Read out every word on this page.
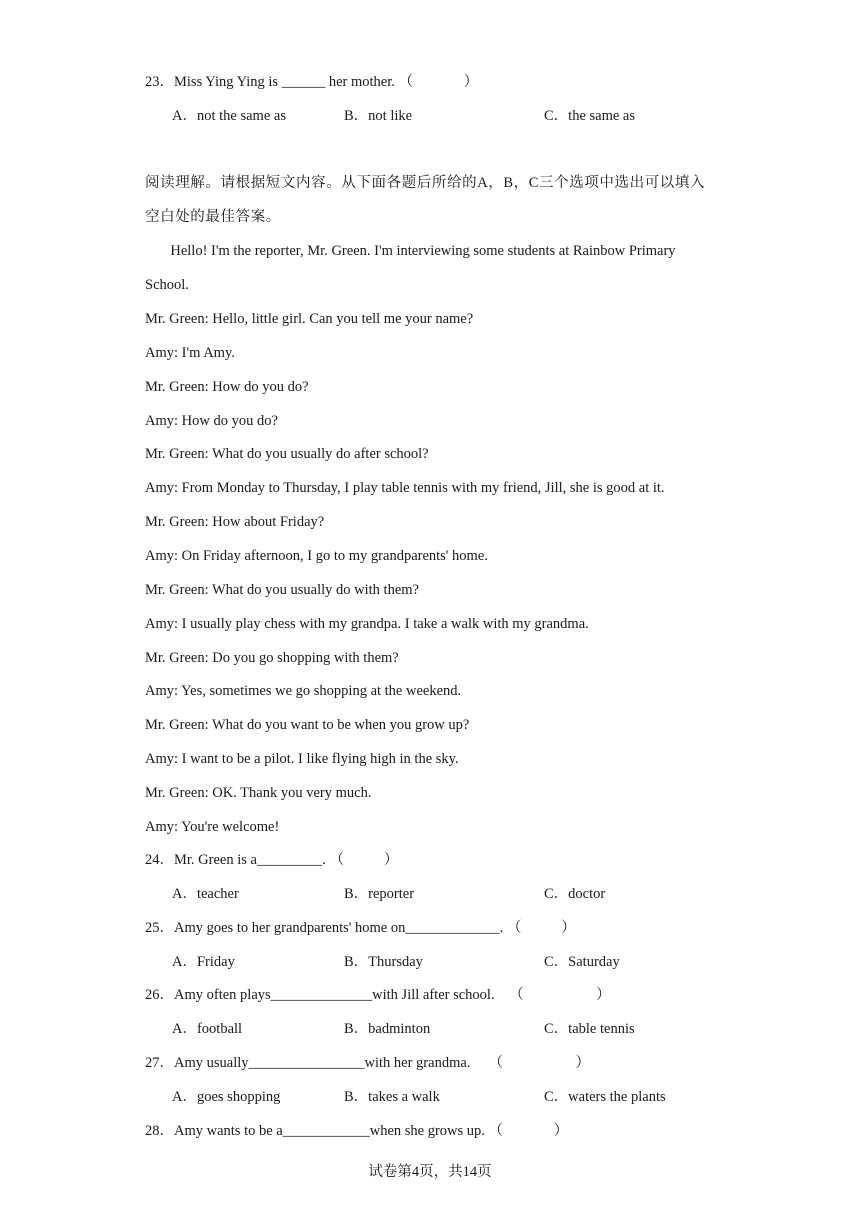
23．Miss Ying Ying is ______ her mother. （              ）
A．not the same as	B．not like	C．the same as
阅读理解。请根据短文内容。从下面各题后所给的A，B，C三个选项中选出可以填入
空白处的最佳答案。
Hello! I'm the reporter, Mr. Green. I'm interviewing some students at Rainbow Primary
School.
Mr. Green: Hello, little girl. Can you tell me your name?
Amy: I'm Amy.
Mr. Green: How do you do?
Amy: How do you do?
Mr. Green: What do you usually do after school?
Amy: From Monday to Thursday, I play table tennis with my friend, Jill, she is good at it.
Mr. Green: How about Friday?
Amy: On Friday afternoon, I go to my grandparents' home.
Mr. Green: What do you usually do with them?
Amy: I usually play chess with my grandpa. I take a walk with my grandma.
Mr. Green: Do you go shopping with them?
Amy: Yes, sometimes we go shopping at the weekend.
Mr. Green: What do you want to be when you grow up?
Amy: I want to be a pilot. I like flying high in the sky.
Mr. Green: OK. Thank you very much.
Amy: You're welcome!
24．Mr. Green is a_________. （           ）
A．teacher	B．reporter	C．doctor
25．Amy goes to her grandparents' home on_____________. （           ）
A．Friday	B．Thursday	C．Saturday
26．Amy often plays______________with Jill after school.    （                    ）
A．football	B．badminton	C．table tennis
27．Amy usually________________with her grandma.     （                    ）
A．goes shopping	B．takes a walk	C．waters the plants
28．Amy wants to be a____________when she grows up. （              ）
试卷第4页，共14页
